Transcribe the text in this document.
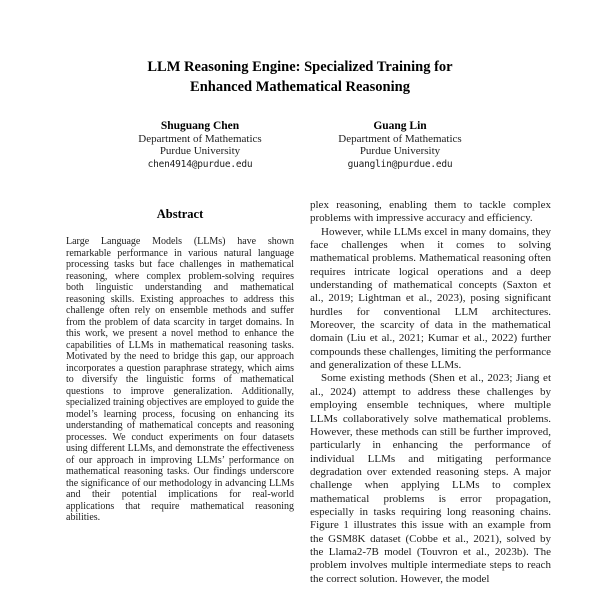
LLM Reasoning Engine: Specialized Training for
Enhanced Mathematical Reasoning
Shuguang Chen
Department of Mathematics
Purdue University
chen4914@purdue.edu
Guang Lin
Department of Mathematics
Purdue University
guanglin@purdue.edu
Abstract

Large Language Models (LLMs) have shown remarkable performance in various natural language processing tasks but face challenges in mathematical reasoning, where complex problem-solving requires both linguistic understanding and mathematical reasoning skills. Existing approaches to address this challenge often rely on ensemble methods and suffer from the problem of data scarcity in target domains. In this work, we present a novel method to enhance the capabilities of LLMs in mathematical reasoning tasks. Motivated by the need to bridge this gap, our approach incorporates a question paraphrase strategy, which aims to diversify the linguistic forms of mathematical questions to improve generalization. Additionally, specialized training objectives are employed to guide the model’s learning process, focusing on enhancing its understanding of mathematical concepts and reasoning processes. We conduct experiments on four datasets using different LLMs, and demonstrate the effectiveness of our approach in improving LLMs’ performance on mathematical reasoning tasks. Our findings underscore the significance of our methodology in advancing LLMs and their potential implications for real-world applications that require mathematical reasoning abilities.

plex reasoning, enabling them to tackle complex problems with impressive accuracy and efficiency.

However, while LLMs excel in many domains, they face challenges when it comes to solving mathematical problems. Mathematical reasoning often requires intricate logical operations and a deep understanding of mathematical concepts (Saxton et al., 2019; Lightman et al., 2023), posing significant hurdles for conventional LLM architectures. Moreover, the scarcity of data in the mathematical domain (Liu et al., 2021; Kumar et al., 2022) further compounds these challenges, limiting the performance and generalization of these LLMs.

Some existing methods (Shen et al., 2023; Jiang et al., 2024) attempt to address these challenges by employing ensemble techniques, where multiple LLMs collaboratively solve mathematical problems. However, these methods can still be further improved, particularly in enhancing the performance of individual LLMs and mitigating performance degradation over extended reasoning steps. A major challenge when applying LLMs to complex mathematical problems is error propagation, especially in tasks requiring long reasoning chains. Figure 1 illustrates this issue with an example from the GSM8K dataset (Cobbe et al., 2021), solved by the Llama2-7B model (Touvron et al., 2023b). The problem involves multiple intermediate steps to reach the correct solution. However, the model
